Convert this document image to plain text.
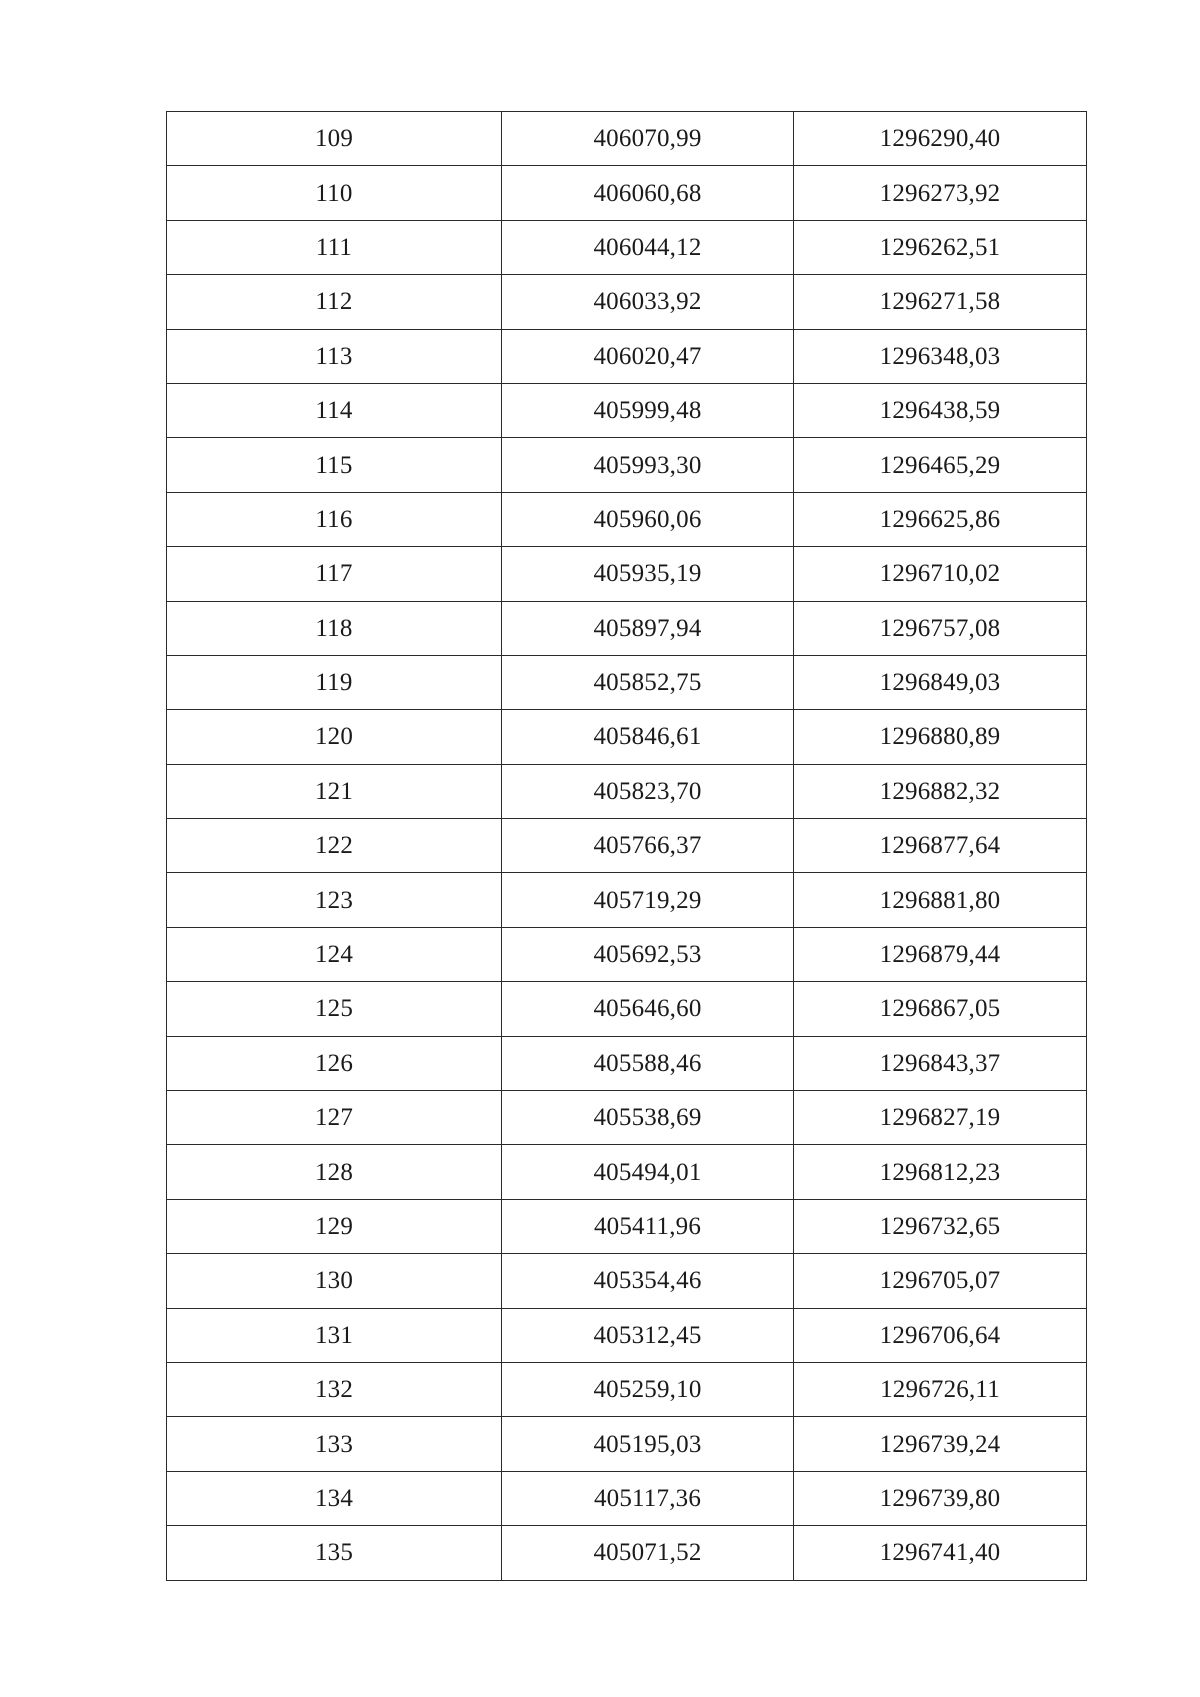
109	406070,99	1296290,40
110	406060,68	1296273,92
111	406044,12	1296262,51
112	406033,92	1296271,58
113	406020,47	1296348,03
114	405999,48	1296438,59
115	405993,30	1296465,29
116	405960,06	1296625,86
117	405935,19	1296710,02
118	405897,94	1296757,08
119	405852,75	1296849,03
120	405846,61	1296880,89
121	405823,70	1296882,32
122	405766,37	1296877,64
123	405719,29	1296881,80
124	405692,53	1296879,44
125	405646,60	1296867,05
126	405588,46	1296843,37
127	405538,69	1296827,19
128	405494,01	1296812,23
129	405411,96	1296732,65
130	405354,46	1296705,07
131	405312,45	1296706,64
132	405259,10	1296726,11
133	405195,03	1296739,24
134	405117,36	1296739,80
135	405071,52	1296741,40
